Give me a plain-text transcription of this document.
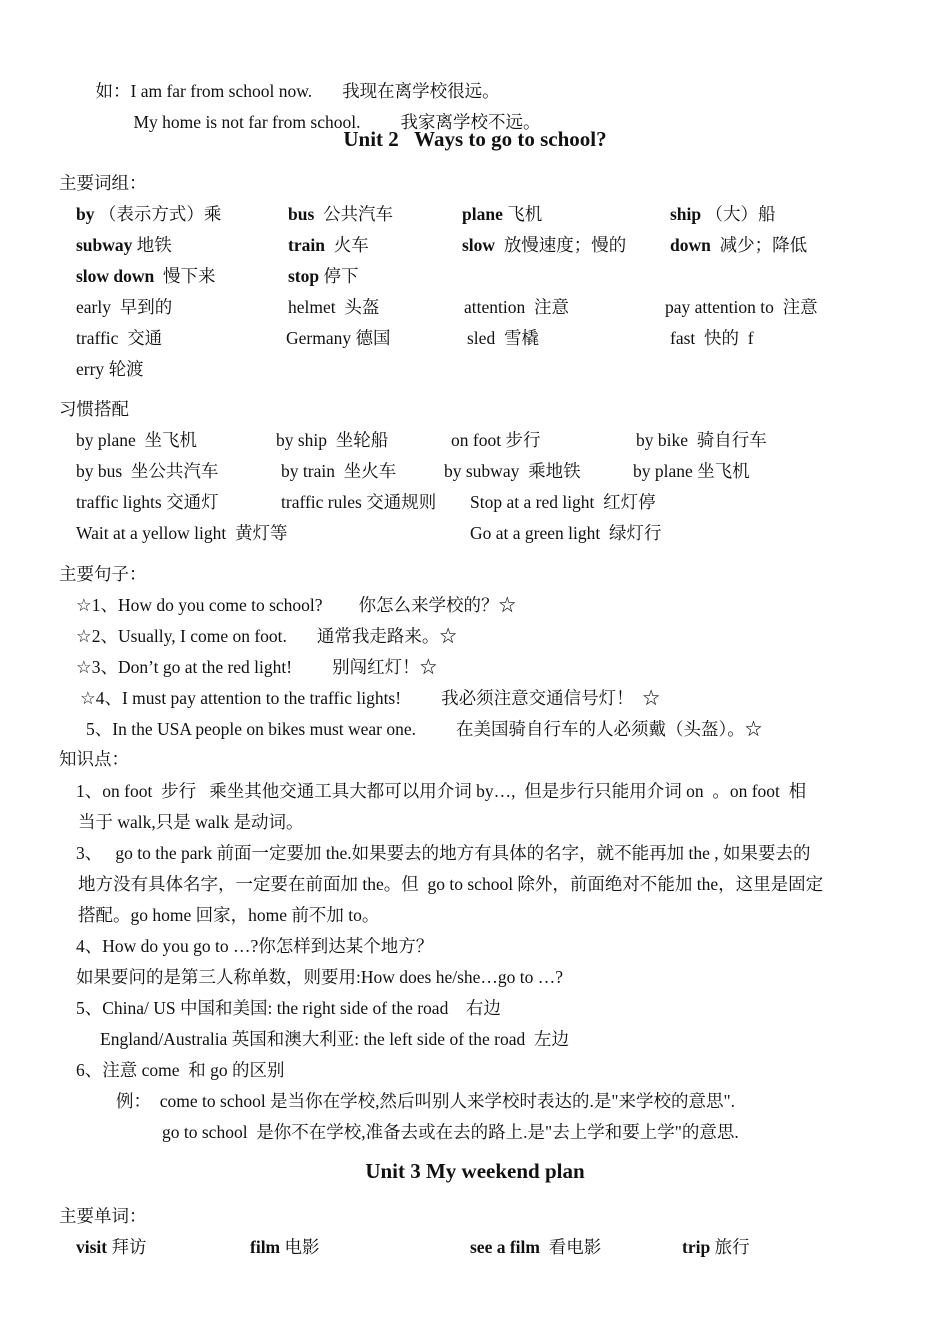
如：I am far from school now. 我现在离学校很远。

My home is not far from school. 我家离学校不远。

Unit 2   Ways to go to school?
主要词组：
by （表示方式）乘	bus  公共汽车	plane 飞机	ship （大）船
subway 地铁	train  火车	slow  放慢速度；慢的 down  减少；降低
slow down  慢下来	stop 停下
early  早到的	helmet  头盔	attention  注意	pay attention to  注意
traffic  交通	Germany 德国	sled  雪橇	fast  快的  f
erry 轮渡
习惯搭配
by plane  坐飞机	by ship  坐轮船	on foot 步行	by bike  骑自行车
by bus  坐公共汽车	by train  坐火车	by subway  乘地铁	by plane 坐飞机
traffic lights 交通灯	traffic rules 交通规则 Stop at a red light  红灯停
Wait at a yellow light  黄灯等	Go at a green light  绿灯行
主要句子：
☆1、How do you come to school? 你怎么来学校的？☆
☆2、Usually, I come on foot. 通常我走路来。☆
☆3、Don’t go at the red light! 别闯红灯！☆
☆4、I must pay attention to the traffic lights! 我必须注意交通信号灯！  ☆
5、In the USA people on bikes must wear one. 在美国骑自行车的人必须戴（头盔）。☆
知识点：
1、on foot  步行   乘坐其他交通工具大都可以用介词 by…,  但是步行只能用介词 on  。on foot  相
当于 walk,只是 walk 是动词。
3、   go to the park 前面一定要加 the.如果要去的地方有具体的名字，就不能再加 the , 如果要去的
地方没有具体名字，一定要在前面加 the。但  go to school 除外，前面绝对不能加 the，这里是固定
搭配。go home 回家，home 前不加 to。
4、How do you go to …?你怎样到达某个地方？
如果要问的是第三人称单数，则要用:How does he/she…go to …?
5、China/ US 中国和美国: the right side of the road    右边
England/Australia 英国和澳大利亚: the left side of the road  左边
6、注意 come  和 go 的区别
例：  come to school 是当你在学校,然后叫别人来学校时表达的.是"来学校的意思".
go to school  是你不在学校,准备去或在去的路上.是"去上学和要上学"的意思.
Unit 3 My weekend plan
主要单词：
visit 拜访	film 电影	see a film  看电影	trip 旅行
